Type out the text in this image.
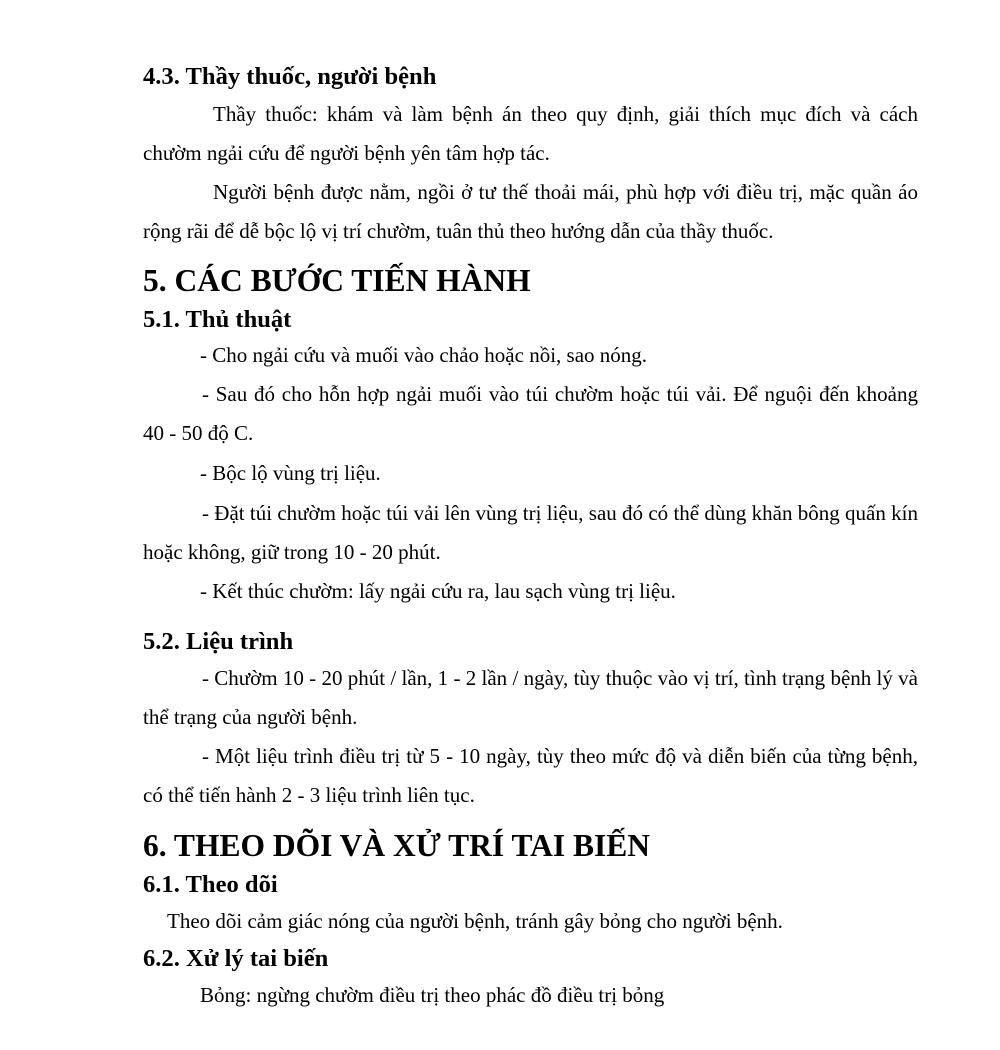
4.3. Thầy thuốc, người bệnh

Thầy thuốc: khám và làm bệnh án theo quy định, giải thích mục đích và cách chườm ngải cứu để người bệnh yên tâm hợp tác.

Người bệnh được nằm, ngồi ở tư thế thoải mái, phù hợp với điều trị, mặc quần áo rộng rãi để dễ bộc lộ vị trí chườm, tuân thủ theo hướng dẫn của thầy thuốc.

5. CÁC BƯỚC TIẾN HÀNH
5.1. Thủ thuật

- Cho ngải cứu và muối vào chảo hoặc nồi, sao nóng.

- Sau đó cho hỗn hợp ngải muối vào túi chườm hoặc túi vải. Để nguội đến khoảng 40 - 50 độ C.

- Bộc lộ vùng trị liệu.

- Đặt túi chườm hoặc túi vải lên vùng trị liệu, sau đó có thể dùng khăn bông quấn kín hoặc không, giữ trong 10 - 20 phút.

- Kết thúc chườm: lấy ngải cứu ra, lau sạch vùng trị liệu.

5.2. Liệu trình

- Chườm 10 - 20 phút / lần, 1 - 2 lần / ngày, tùy thuộc vào vị trí, tình trạng bệnh lý và thể trạng của người bệnh.

- Một liệu trình điều trị từ 5 - 10 ngày, tùy theo mức độ và diễn biến của từng bệnh, có thể tiến hành 2 - 3 liệu trình liên tục.

6. THEO DÕI VÀ XỬ TRÍ TAI BIẾN
6.1. Theo dõi

Theo dõi cảm giác nóng của người bệnh, tránh gây bỏng cho người bệnh.

6.2. Xử lý tai biến

Bỏng: ngừng chườm điều trị theo phác đồ điều trị bỏng
